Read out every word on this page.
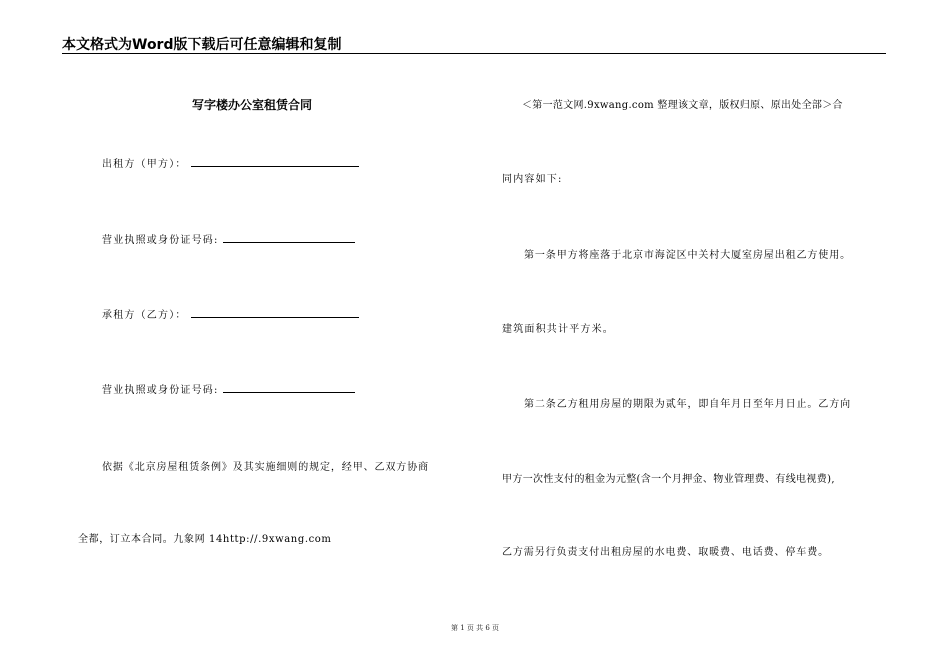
本文格式为Word版下载后可任意编辑和复制
写字楼办公室租赁合同
出租方（甲方）：
营业执照或身份证号码:
承租方（乙方）：
营业执照或身份证号码:
依据《北京房屋租赁条例》及其实施细则的规定，经甲、乙双方协商
全都，订立本合同。九象网 14http://.9xwang.com
＜第一范文网.9xwang.com 整理该文章，版权归原、原出处全部＞合
同内容如下:
第一条甲方将座落于北京市海淀区中关村大厦室房屋出租乙方使用。
建筑面积共计平方米。
第二条乙方租用房屋的期限为贰年，即自年月日至年月日止。乙方向
甲方一次性支付的租金为元整(含一个月押金、物业管理费、有线电视费),
乙方需另行负责支付出租房屋的水电费、取暖费、电话费、停车费。
第 1 页 共 6 页
